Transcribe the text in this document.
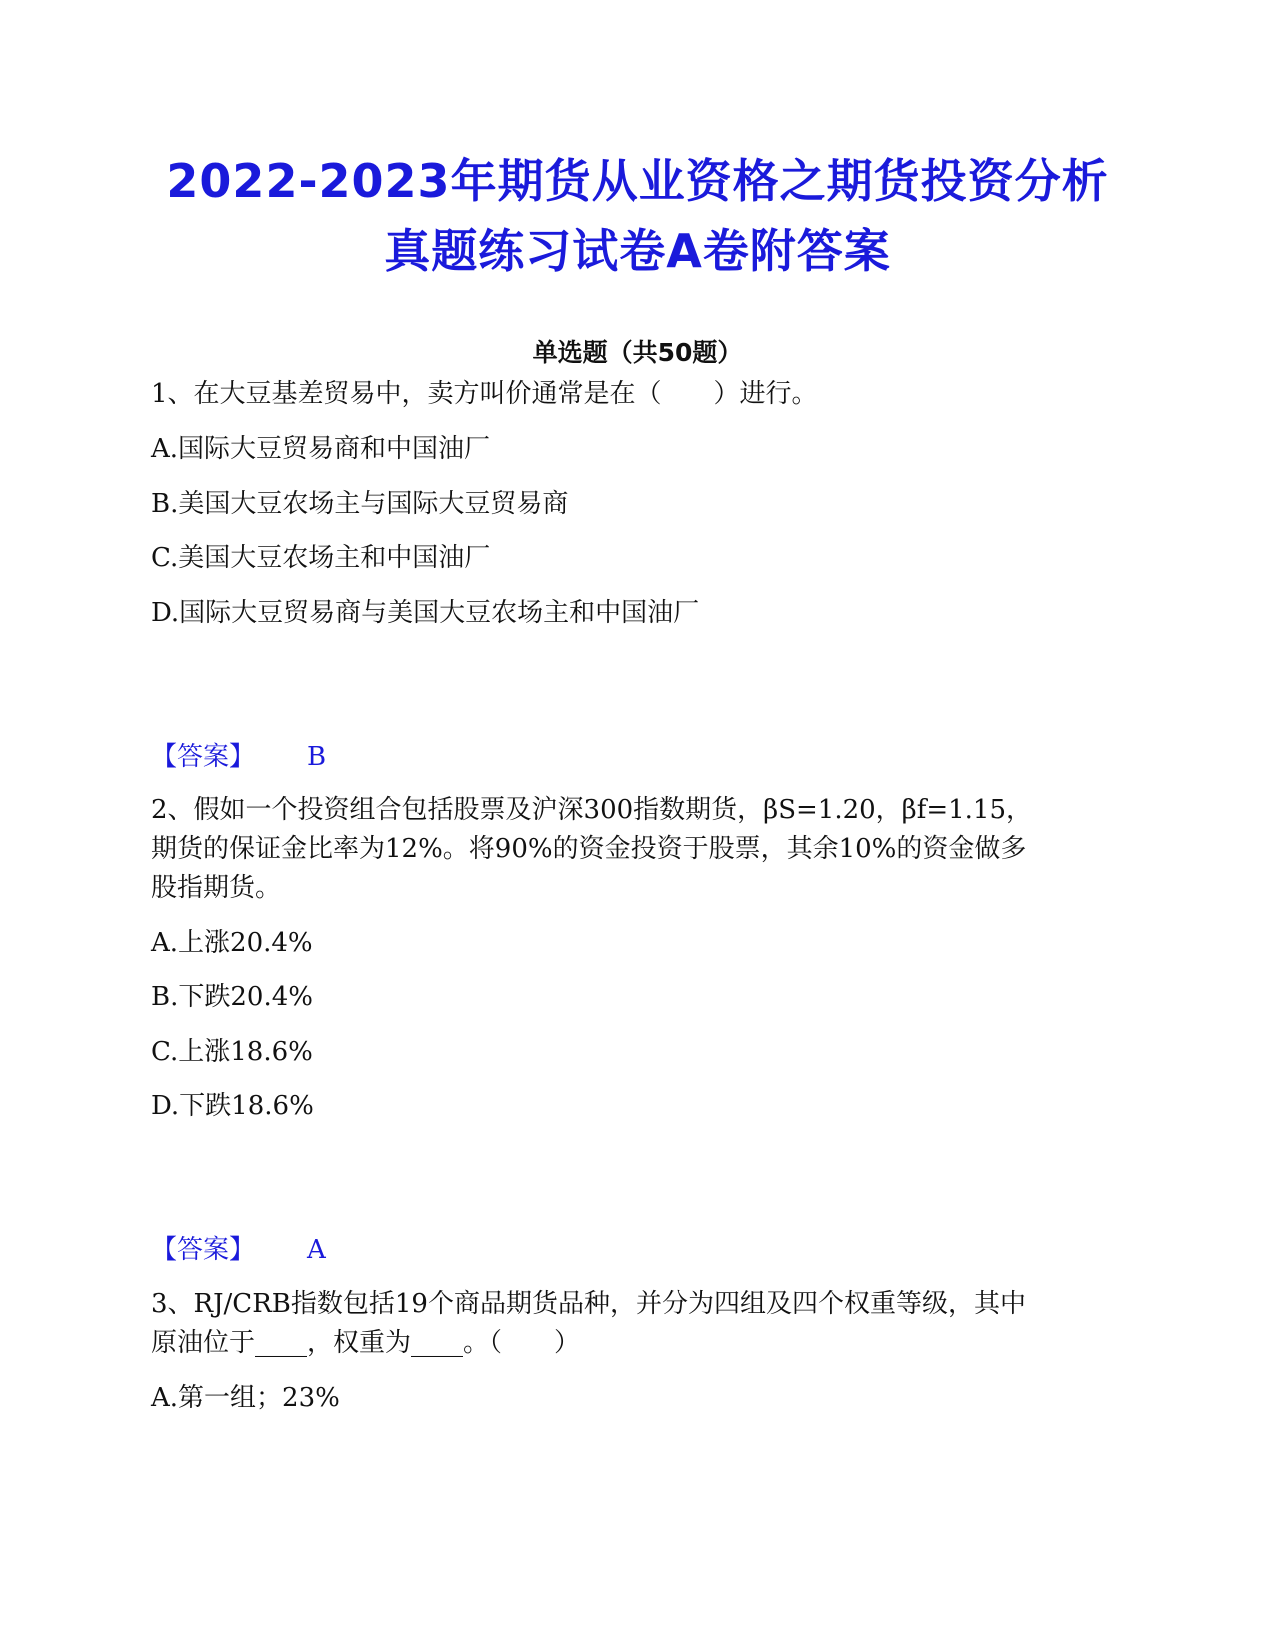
2022-2023年期货从业资格之期货投资分析
真题练习试卷A卷附答案
单选题（共50题）
1、在大豆基差贸易中，卖方叫价通常是在（　　）进行。
A.国际大豆贸易商和中国油厂
B.美国大豆农场主与国际大豆贸易商
C.美国大豆农场主和中国油厂
D.国际大豆贸易商与美国大豆农场主和中国油厂
【答案】 B
2、假如一个投资组合包括股票及沪深300指数期货，βS=1.20，βf=1.15，
期货的保证金比率为12%。将90%的资金投资于股票，其余10%的资金做多
股指期货。
A.上涨20.4%
B.下跌20.4%
C.上涨18.6%
D.下跌18.6%
【答案】 A
3、RJ/CRB指数包括19个商品期货品种，并分为四组及四个权重等级，其中
原油位于____，权重为____。（　　）
A.第一组；23%
